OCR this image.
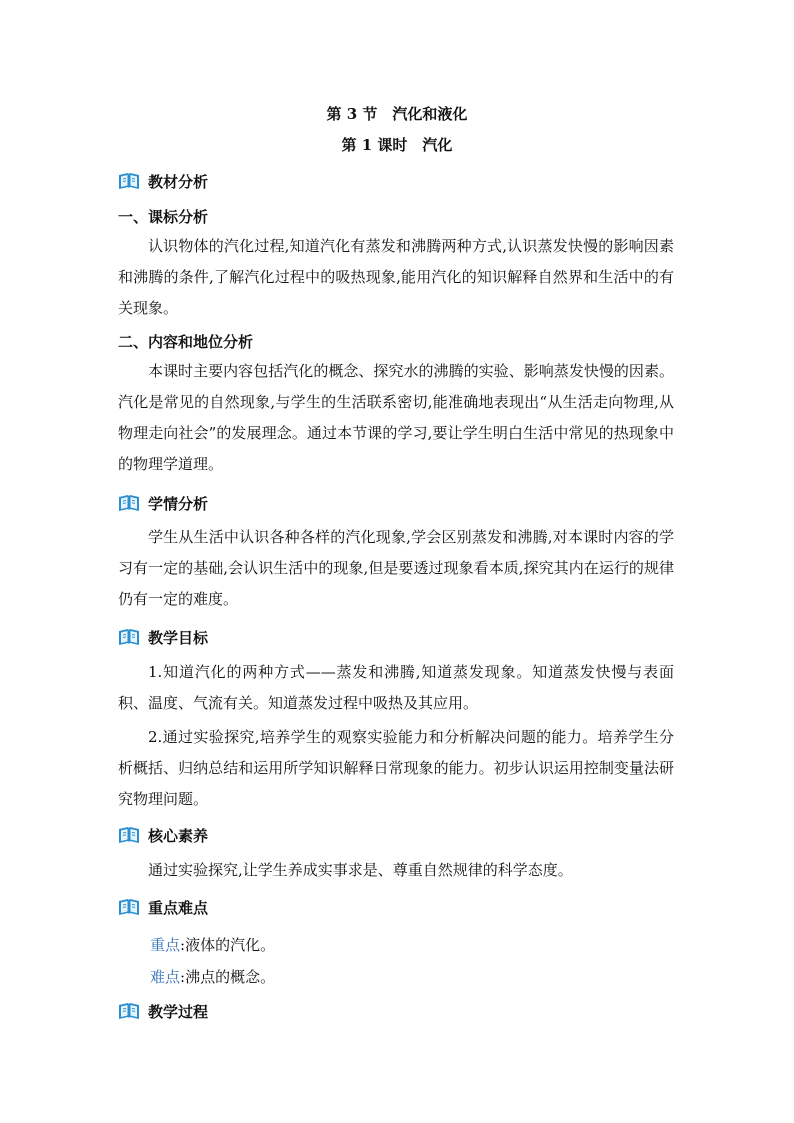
第 3 节　汽化和液化
第 1 课时　汽化
教材分析
一、课标分析

认识物体的汽化过程,知道汽化有蒸发和沸腾两种方式,认识蒸发快慢的影响因素和沸腾的条件,了解汽化过程中的吸热现象,能用汽化的知识解释自然界和生活中的有关现象。

二、内容和地位分析

本课时主要内容包括汽化的概念、探究水的沸腾的实验、影响蒸发快慢的因素。汽化是常见的自然现象,与学生的生活联系密切,能准确地表现出“从生活走向物理,从物理走向社会”的发展理念。通过本节课的学习,要让学生明白生活中常见的热现象中的物理学道理。

学情分析

学生从生活中认识各种各样的汽化现象,学会区别蒸发和沸腾,对本课时内容的学习有一定的基础,会认识生活中的现象,但是要透过现象看本质,探究其内在运行的规律仍有一定的难度。

教学目标

1.知道汽化的两种方式——蒸发和沸腾,知道蒸发现象。知道蒸发快慢与表面积、温度、气流有关。知道蒸发过程中吸热及其应用。

2.通过实验探究,培养学生的观察实验能力和分析解决问题的能力。培养学生分析概括、归纳总结和运用所学知识解释日常现象的能力。初步认识运用控制变量法研究物理问题。

核心素养

通过实验探究,让学生养成实事求是、尊重自然规律的科学态度。

重点难点
重点:液体的汽化。
难点:沸点的概念。
教学过程
